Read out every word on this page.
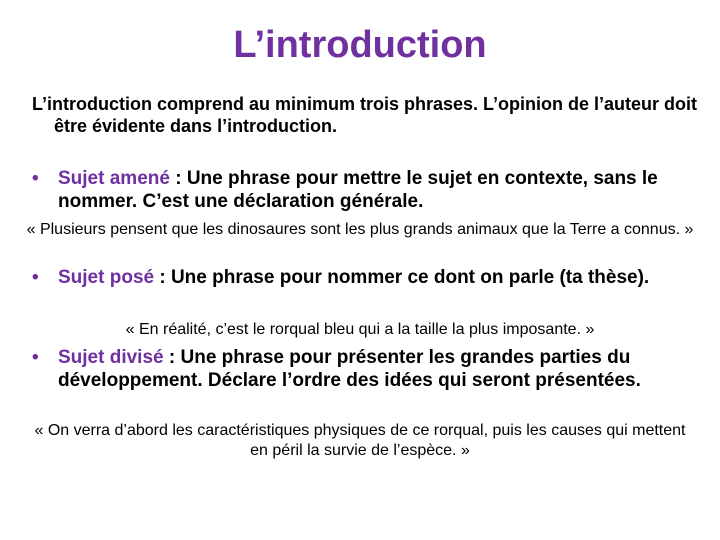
L’introduction
L’introduction comprend au minimum trois phrases. L’opinion de l’auteur doit être évidente dans l’introduction.
• Sujet amené : Une phrase pour mettre le sujet en contexte, sans le nommer. C’est une déclaration générale.
« Plusieurs pensent que les dinosaures sont les plus grands animaux que la Terre a connus. »
• Sujet posé : Une phrase pour nommer ce dont on parle (ta thèse).
« En réalité, c’est le rorqual bleu qui a la taille la plus imposante. »
• Sujet divisé : Une phrase pour présenter les grandes parties du développement. Déclare l’ordre des idées qui seront présentées.
« On verra d’abord les caractéristiques physiques de ce rorqual, puis les causes qui mettent en péril la survie de l’espèce. »
